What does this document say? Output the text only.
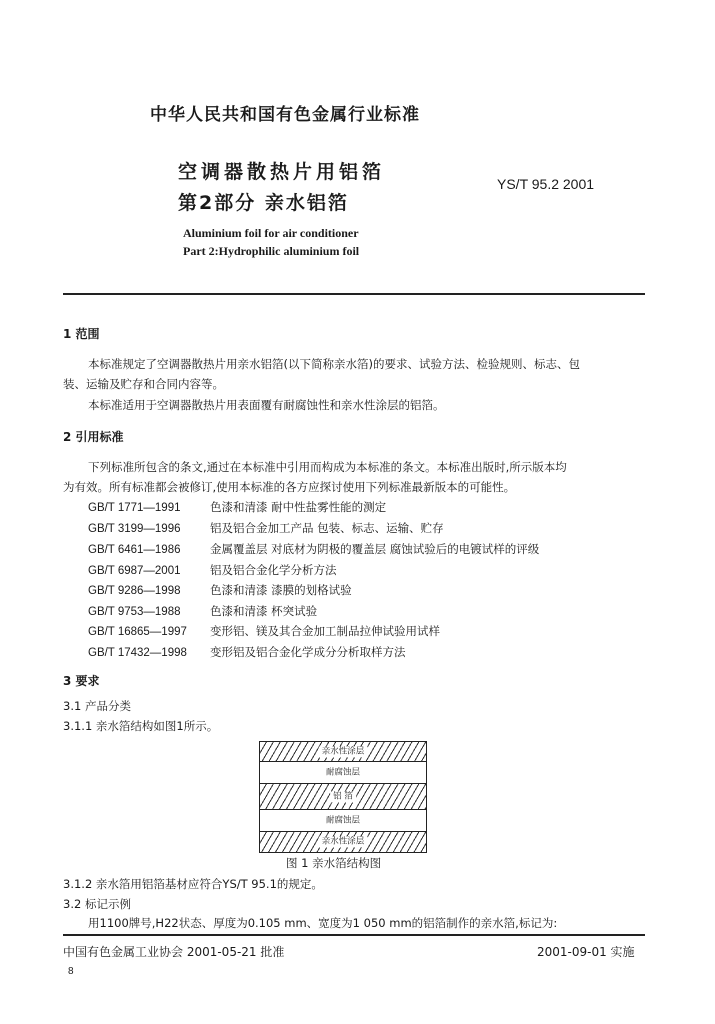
中华人民共和国有色金属行业标准
空调器散热片用铝箔
第2部分 亲水铝箔
YS/T 95.2 2001
Aluminium foil for air conditioner
Part 2:Hydrophilic aluminium foil
1 范围
本标准规定了空调器散热片用亲水铝箔(以下简称亲水箔)的要求、试验方法、检验规则、标志、包
装、运输及贮存和合同内容等。
本标准适用于空调器散热片用表面覆有耐腐蚀性和亲水性涂层的铝箔。
2 引用标准
下列标准所包含的条文,通过在本标准中引用而构成为本标准的条文。本标准出版时,所示版本均
为有效。所有标准都会被修订,使用本标准的各方应探讨使用下列标准最新版本的可能性。
GB/T 1771—1991	色漆和清漆 耐中性盐雾性能的测定
GB/T 3199—1996	铝及铝合金加工产品 包装、标志、运输、贮存
GB/T 6461—1986	金属覆盖层 对底材为阴极的覆盖层 腐蚀试验后的电镀试样的评级
GB/T 6987—2001	铝及铝合金化学分析方法
GB/T 9286—1998	色漆和清漆 漆膜的划格试验
GB/T 9753—1988	色漆和清漆 杯突试验
GB/T 16865—1997 变形铝、镁及其合金加工制品拉伸试验用试样
GB/T 17432—1998 变形铝及铝合金化学成分分析取样方法
3 要求
3.1 产品分类
3.1.1 亲水箔结构如图1所示。
亲水性涂层
耐腐蚀层
铝 箔
耐腐蚀层
亲水性涂层
图 1 亲水箔结构图
3.1.2 亲水箔用铝箔基材应符合YS/T 95.1的规定。
3.2 标记示例
用1100牌号,H22状态、厚度为0.105 mm、宽度为1 050 mm的铝箔制作的亲水箔,标记为:
中国有色金属工业协会 2001-05-21 批准	2001-09-01 实施
8
